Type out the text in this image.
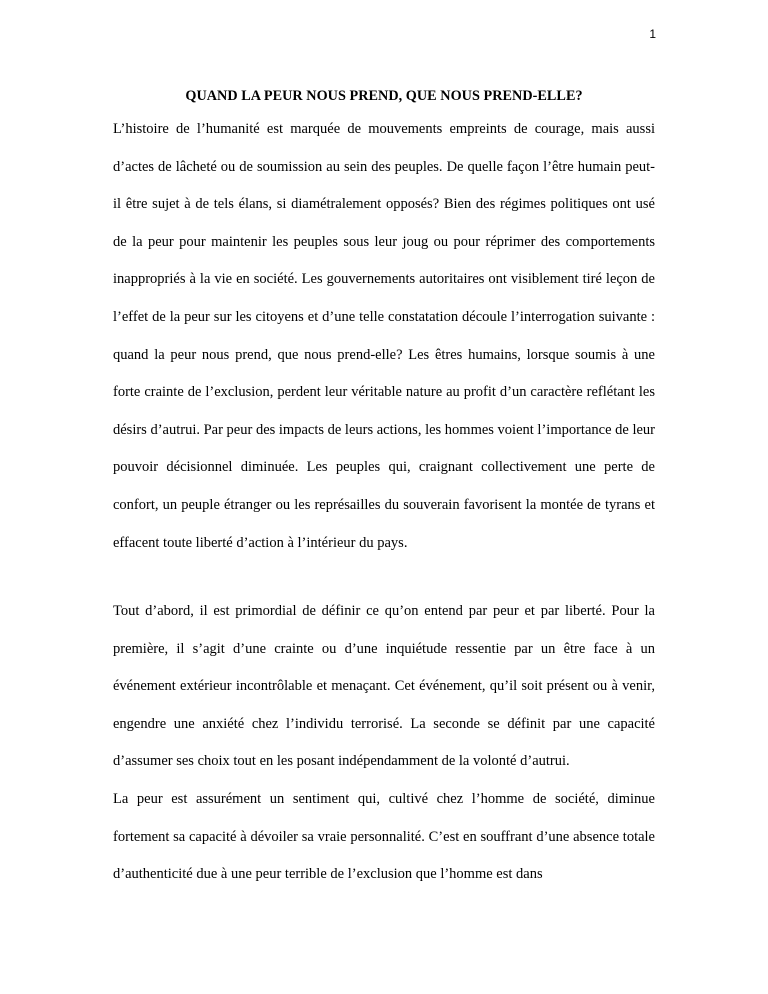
1
QUAND LA PEUR NOUS PREND, QUE NOUS PREND-ELLE?

L’histoire de l’humanité est marquée de mouvements empreints de courage, mais aussi d’actes de lâcheté ou de soumission au sein des peuples. De quelle façon l’être humain peut-il être sujet à de tels élans, si diamétralement opposés? Bien des régimes politiques ont usé de la peur pour maintenir les peuples sous leur joug ou pour réprimer des comportements inappropriés à la vie en société. Les gouvernements autoritaires ont visiblement tiré leçon de l’effet de la peur sur les citoyens et d’une telle constatation découle l’interrogation suivante : quand la peur nous prend, que nous prend-elle? Les êtres humains, lorsque soumis à une forte crainte de l’exclusion, perdent leur véritable nature au profit d’un caractère reflétant les désirs d’autrui. Par peur des impacts de leurs actions, les hommes voient l’importance de leur pouvoir décisionnel diminuée. Les peuples qui, craignant collectivement une perte de confort, un peuple étranger ou les représailles du souverain favorisent la montée de tyrans et effacent toute liberté d’action à l’intérieur du pays.

Tout d’abord, il est primordial de définir ce qu’on entend par peur et par liberté. Pour la première, il s’agit d’une crainte ou d’une inquiétude ressentie par un être face à un événement extérieur incontrôlable et menaçant. Cet événement, qu’il soit présent ou à venir, engendre une anxiété chez l’individu terrorisé. La seconde se définit par une capacité d’assumer ses choix tout en les posant indépendamment de la volonté d’autrui.

La peur est assurément un sentiment qui, cultivé chez l’homme de société, diminue fortement sa capacité à dévoiler sa vraie personnalité. C’est en souffrant d’une absence totale d’authenticité due à une peur terrible de l’exclusion que l’homme est dans
